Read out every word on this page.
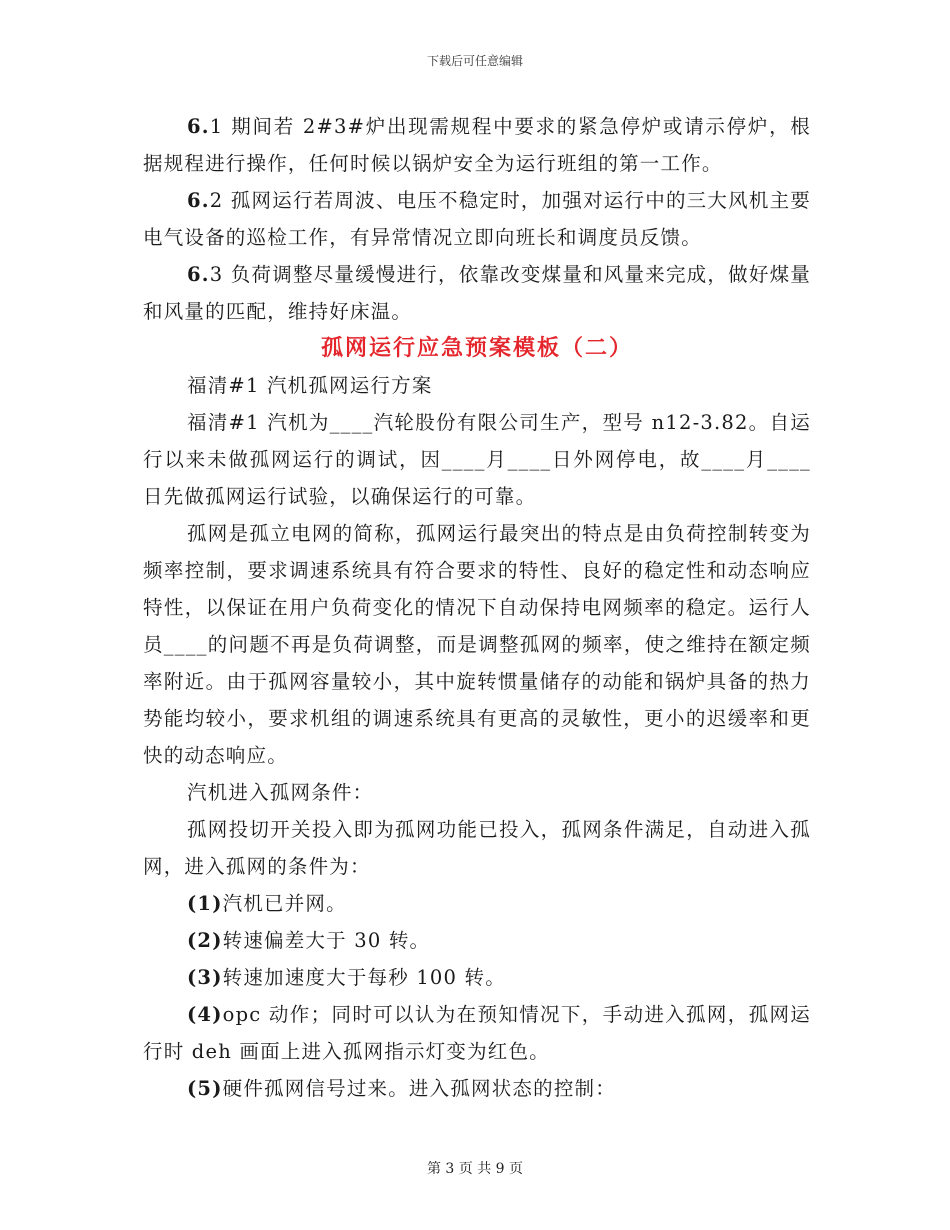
下载后可任意编辑

6.1 期间若 2#3#炉出现需规程中要求的紧急停炉或请示停炉，根据规程进行操作，任何时候以锅炉安全为运行班组的第一工作。

6.2 孤网运行若周波、电压不稳定时，加强对运行中的三大风机主要电气设备的巡检工作，有异常情况立即向班长和调度员反馈。

6.3 负荷调整尽量缓慢进行，依靠改变煤量和风量来完成，做好煤量和风量的匹配，维持好床温。

孤网运行应急预案模板（二）

福清#1 汽机孤网运行方案

福清#1 汽机为____汽轮股份有限公司生产，型号 n12-3.82。自运行以来未做孤网运行的调试，因____月____日外网停电，故____月____日先做孤网运行试验，以确保运行的可靠。

孤网是孤立电网的简称，孤网运行最突出的特点是由负荷控制转变为频率控制，要求调速系统具有符合要求的特性、良好的稳定性和动态响应特性，以保证在用户负荷变化的情况下自动保持电网频率的稳定。运行人员____的问题不再是负荷调整，而是调整孤网的频率，使之维持在额定频率附近。由于孤网容量较小，其中旋转惯量储存的动能和锅炉具备的热力势能均较小，要求机组的调速系统具有更高的灵敏性，更小的迟缓率和更快的动态响应。

汽机进入孤网条件：

孤网投切开关投入即为孤网功能已投入，孤网条件满足，自动进入孤网，进入孤网的条件为：

(1)汽机已并网。

(2)转速偏差大于 30 转。

(3)转速加速度大于每秒 100 转。

(4)opc 动作；同时可以认为在预知情况下，手动进入孤网，孤网运行时 deh 画面上进入孤网指示灯变为红色。

(5)硬件孤网信号过来。进入孤网状态的控制：

第 3 页 共 9 页
